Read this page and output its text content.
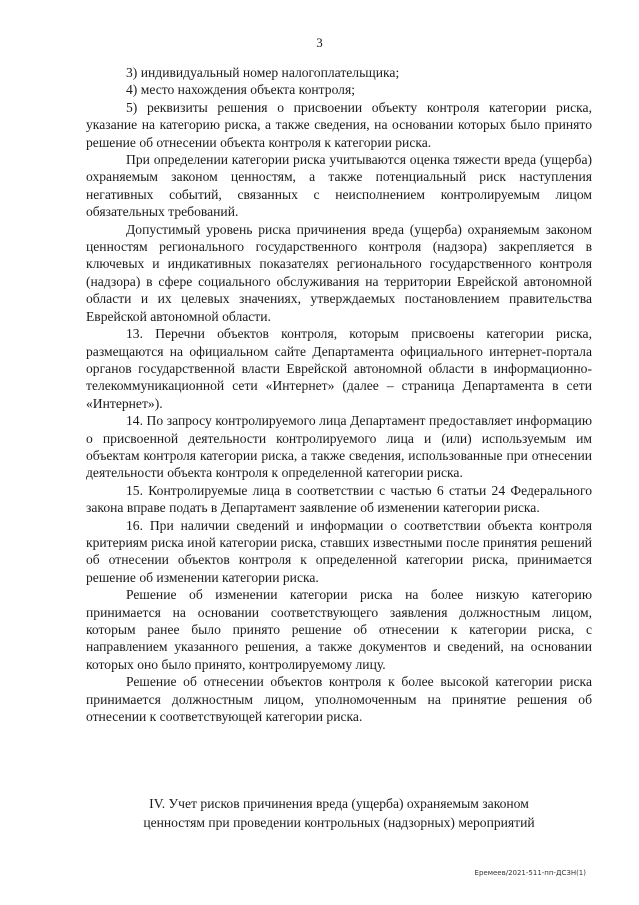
3

3) индивидуальный номер налогоплательщика;

4) место нахождения объекта контроля;

5) реквизиты решения о присвоении объекту контроля категории риска, указание на категорию риска, а также сведения, на основании которых было принято решение об отнесении объекта контроля к категории риска.

При определении категории риска учитываются оценка тяжести вреда (ущерба) охраняемым законом ценностям, а также потенциальный риск наступления негативных событий, связанных с неисполнением контролируемым лицом обязательных требований.

Допустимый уровень риска причинения вреда (ущерба) охраняемым законом ценностям регионального государственного контроля (надзора) закрепляется в ключевых и индикативных показателях регионального государственного контроля (надзора) в сфере социального обслуживания на территории Еврейской автономной области и их целевых значениях, утверждаемых постановлением правительства Еврейской автономной области.

13. Перечни объектов контроля, которым присвоены категории риска, размещаются на официальном сайте Департамента официального интернет-портала органов государственной власти Еврейской автономной области в информационно-телекоммуникационной сети «Интернет» (далее – страница Департамента в сети «Интернет»).

14. По запросу контролируемого лица Департамент предоставляет информацию о присвоенной деятельности контролируемого лица и (или) используемым им объектам контроля категории риска, а также сведения, использованные при отнесении деятельности объекта контроля к определенной категории риска.

15. Контролируемые лица в соответствии с частью 6 статьи 24 Федерального закона вправе подать в Департамент заявление об изменении категории риска.

16. При наличии сведений и информации о соответствии объекта контроля критериям риска иной категории риска, ставших известными после принятия решений об отнесении объектов контроля к определенной категории риска, принимается решение об изменении категории риска.

Решение об изменении категории риска на более низкую категорию принимается на основании соответствующего заявления должностным лицом, которым ранее было принято решение об отнесении к категории риска, с направлением указанного решения, а также документов и сведений, на основании которых оно было принято, контролируемому лицу.

Решение об отнесении объектов контроля к более высокой категории риска принимается должностным лицом, уполномоченным на принятие решения об отнесении к соответствующей категории риска.

IV. Учет рисков причинения вреда (ущерба) охраняемым законом

ценностям при проведении контрольных (надзорных) мероприятий

Еремеев/2021-511-пп-ДСЗН(1)
